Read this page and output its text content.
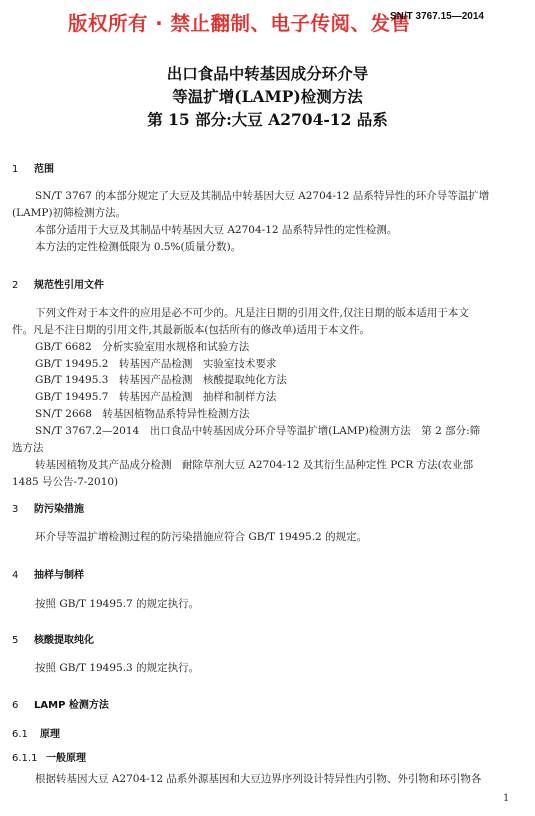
版权所有 · 禁止翻制、电子传阅、发售
SN/T 3767.15—2014
出口食品中转基因成分环介导
等温扩增(LAMP)检测方法
第 15 部分:大豆 A2704-12 品系
1 范围
SN/T 3767 的本部分规定了大豆及其制品中转基因大豆 A2704-12 品系特异性的环介导等温扩增
(LAMP)初筛检测方法。
本部分适用于大豆及其制品中转基因大豆 A2704-12 品系特异性的定性检测。
本方法的定性检测低限为 0.5%(质量分数)。
2 规范性引用文件
下列文件对于本文件的应用是必不可少的。凡是注日期的引用文件,仅注日期的版本适用于本文
件。凡是不注日期的引用文件,其最新版本(包括所有的修改单)适用于本文件。
GB/T 6682　分析实验室用水规格和试验方法
GB/T 19495.2　转基因产品检测　实验室技术要求
GB/T 19495.3　转基因产品检测　核酸提取纯化方法
GB/T 19495.7　转基因产品检测　抽样和制样方法
SN/T 2668　转基因植物品系特异性检测方法
SN/T 3767.2—2014　出口食品中转基因成分环介导等温扩增(LAMP)检测方法　第 2 部分:筛
选方法
转基因植物及其产品成分检测　耐除草剂大豆 A2704-12 及其衍生品种定性 PCR 方法(农业部
1485 号公告-7-2010)
3 防污染措施
环介导等温扩增检测过程的防污染措施应符合 GB/T 19495.2 的规定。
4 抽样与制样
按照 GB/T 19495.7 的规定执行。
5 核酸提取纯化
按照 GB/T 19495.3 的规定执行。
6 LAMP 检测方法
6.1 原理
6.1.1 一般原理
根据转基因大豆 A2704-12 品系外源基因和大豆边界序列设计特异性内引物、外引物和环引物各
1
